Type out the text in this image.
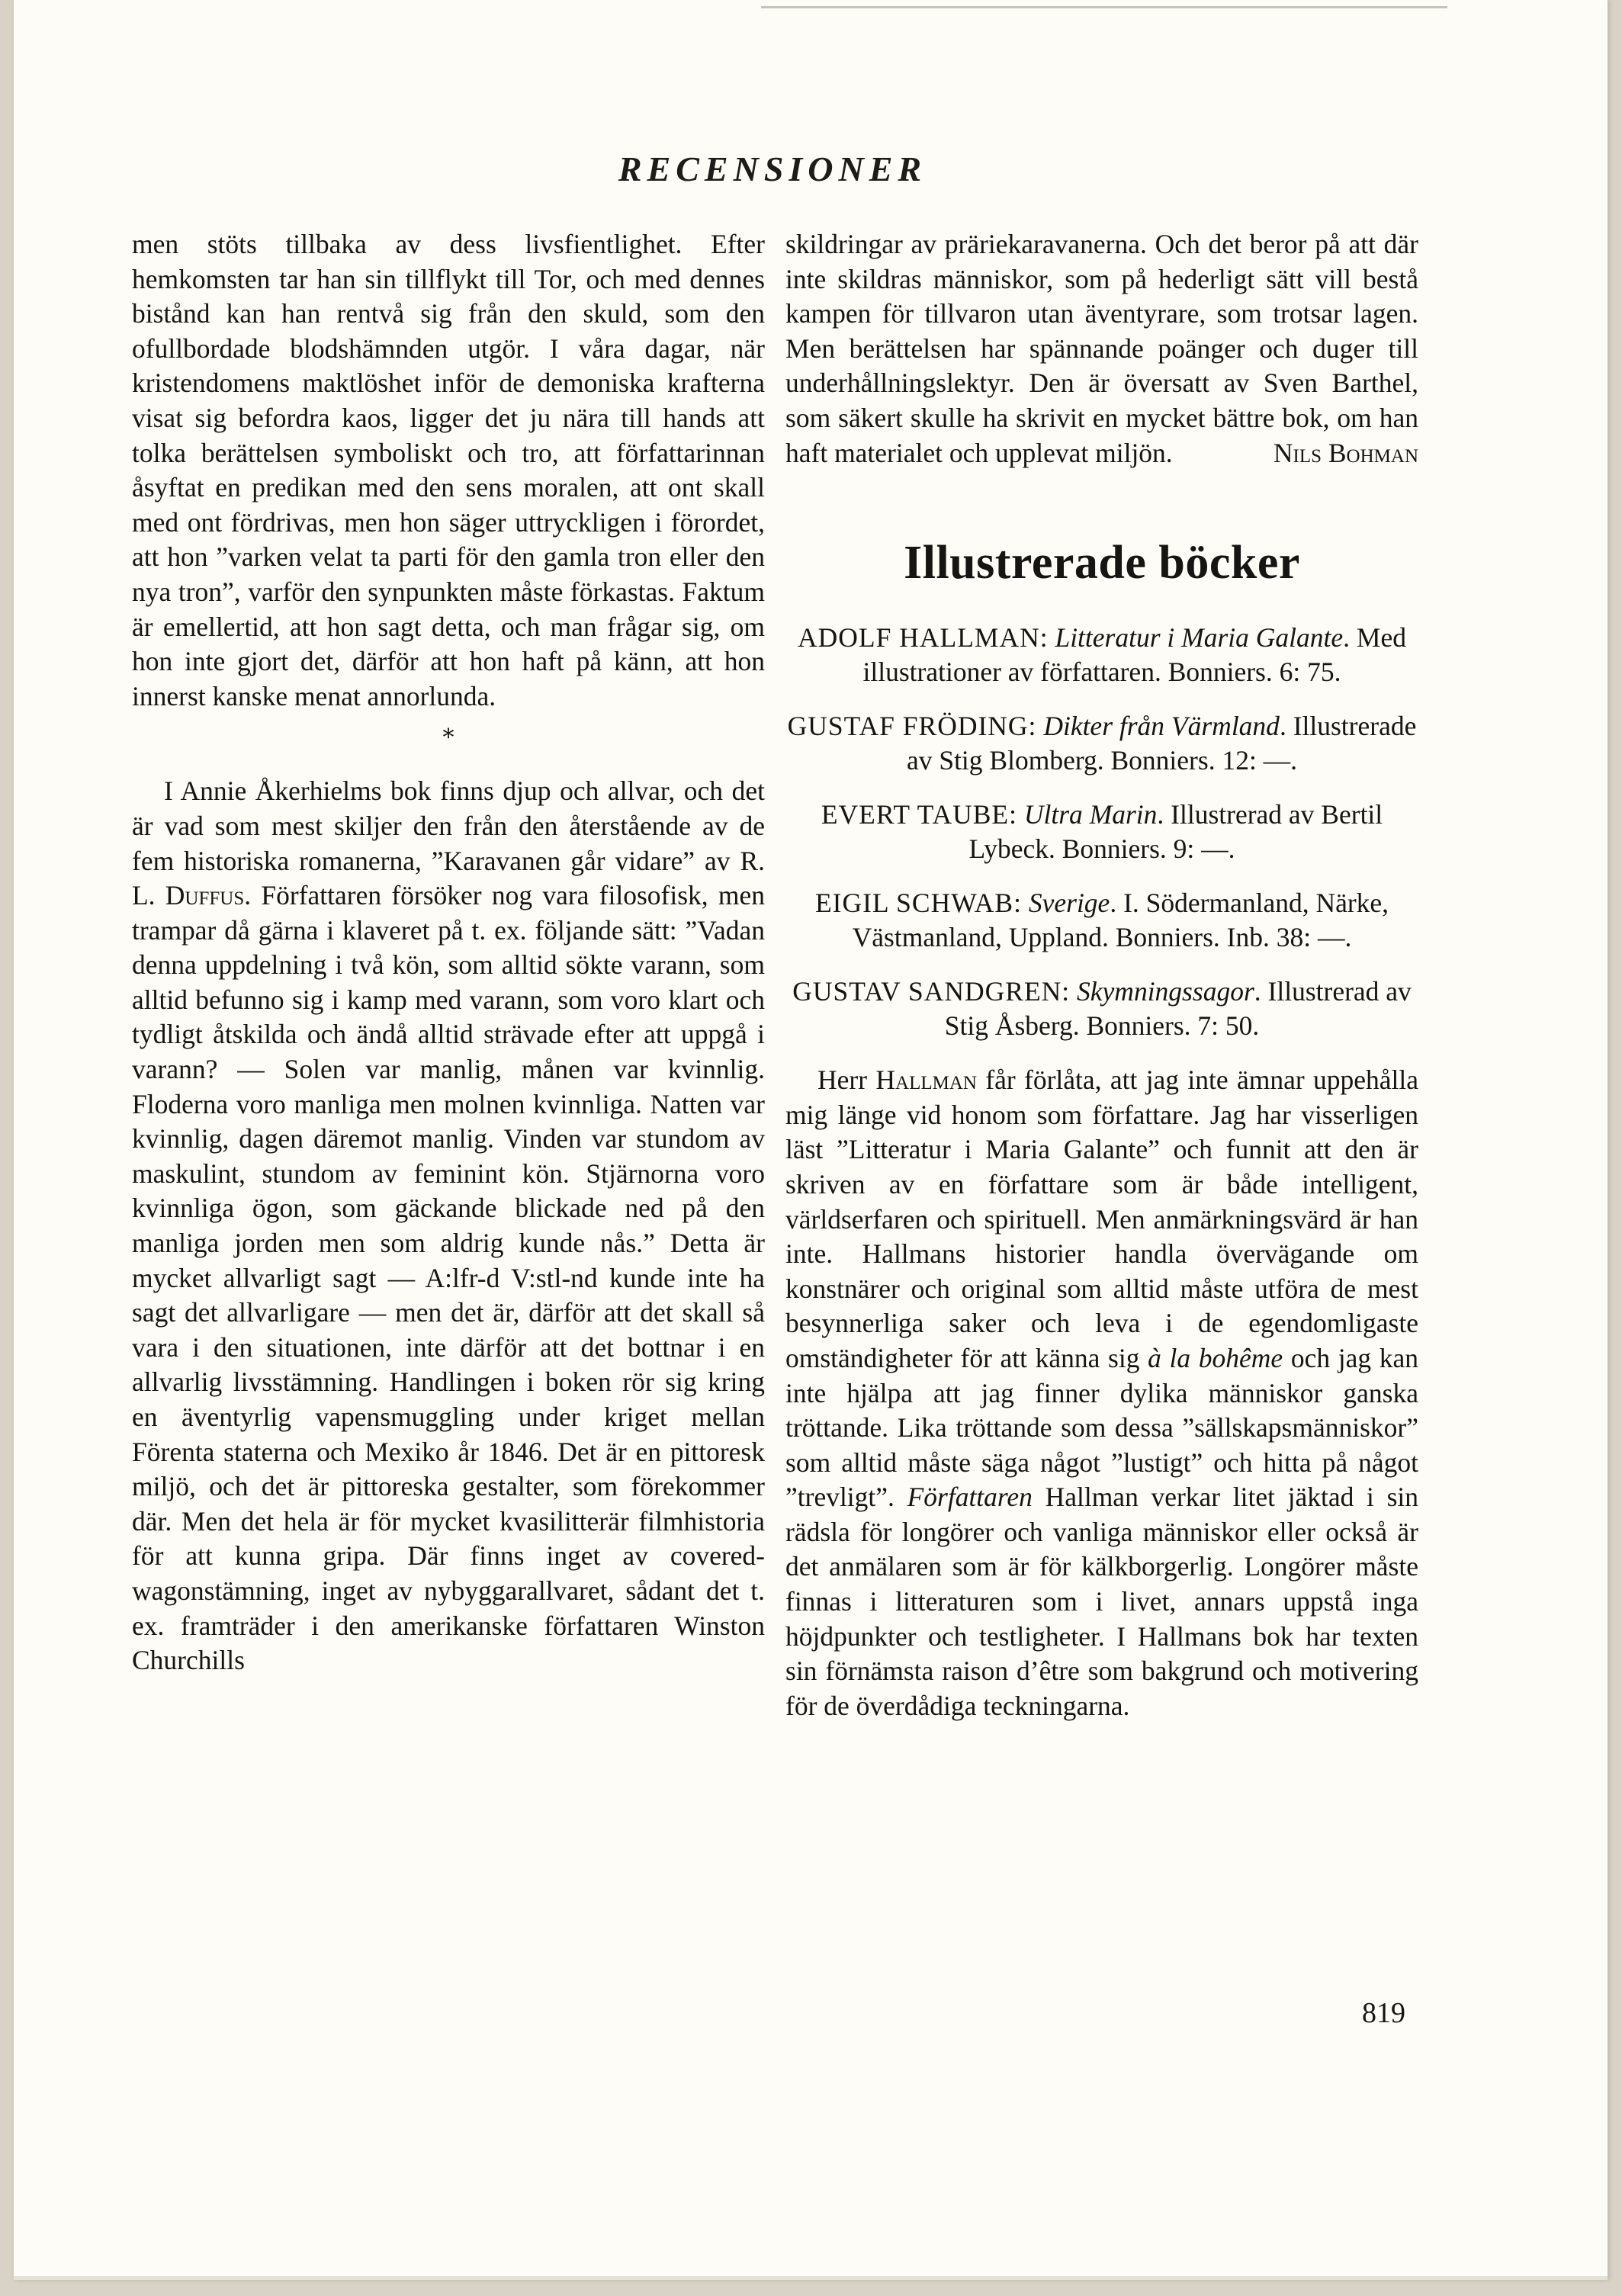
RECENSIONER

men stöts tillbaka av dess livsfientlighet. Efter hemkomsten tar han sin tillflykt till Tor, och med dennes bistånd kan han rentvå sig från den skuld, som den ofullbordade blodshämnden utgör. I våra dagar, när kristendomens maktlöshet inför de demoniska krafterna visat sig befordra kaos, ligger det ju nära till hands att tolka berättelsen symboliskt och tro, att författarinnan åsyftat en predikan med den sens moralen, att ont skall med ont fördrivas, men hon säger uttryckligen i förordet, att hon ”varken velat ta parti för den gamla tron eller den nya tron”, varför den synpunkten måste förkastas. Faktum är emellertid, att hon sagt detta, och man frågar sig, om hon inte gjort det, därför att hon haft på känn, att hon innerst kanske menat annorlunda.

*

I Annie Åkerhielms bok finns djup och allvar, och det är vad som mest skiljer den från den återstående av de fem historiska romanerna, ”Karavanen går vidare” av R. L. Duffus. Författaren försöker nog vara filosofisk, men trampar då gärna i klaveret på t. ex. följande sätt: ”Vadan denna uppdelning i två kön, som alltid sökte varann, som alltid befunno sig i kamp med varann, som voro klart och tydligt åtskilda och ändå alltid strävade efter att uppgå i varann? — Solen var manlig, månen var kvinnlig. Floderna voro manliga men molnen kvinnliga. Natten var kvinnlig, dagen däremot manlig. Vinden var stundom av maskulint, stundom av feminint kön. Stjärnorna voro kvinnliga ögon, som gäckande blickade ned på den manliga jorden men som aldrig kunde nås.” Detta är mycket allvarligt sagt — A:lfr-d V:stl-nd kunde inte ha sagt det allvarligare — men det är, därför att det skall så vara i den situationen, inte därför att det bottnar i en allvarlig livsstämning. Handlingen i boken rör sig kring en äventyrlig vapensmuggling under kriget mellan Förenta staterna och Mexiko år 1846. Det är en pittoresk miljö, och det är pittoreska gestalter, som förekommer där. Men det hela är för mycket kvasilitterär filmhistoria för att kunna gripa. Där finns inget av covered-wagonstämning, inget av nybyggarallvaret, sådant det t. ex. framträder i den amerikanske författaren Winston Churchills

skildringar av präriekaravanerna. Och det beror på att där inte skildras människor, som på hederligt sätt vill bestå kampen för tillvaron utan äventyrare, som trotsar lagen. Men berättelsen har spännande poänger och duger till underhållningslektyr. Den är översatt av Sven Barthel, som säkert skulle ha skrivit en mycket bättre bok, om han haft materialet och upplevat miljön.	Nils Bohman

Illustrerade böcker

ADOLF HALLMAN: Litteratur i Maria Galante. Med illustrationer av författaren. Bonniers. 6: 75.

GUSTAF FRÖDING: Dikter från Värmland. Illustrerade av Stig Blomberg. Bonniers. 12: —.

EVERT TAUBE: Ultra Marin. Illustrerad av Bertil Lybeck. Bonniers. 9: —.

EIGIL SCHWAB: Sverige. I. Södermanland, Närke, Västmanland, Uppland. Bonniers. Inb. 38: —.

GUSTAV SANDGREN: Skymningssagor. Illustrerad av Stig Åsberg. Bonniers. 7: 50.

Herr Hallman får förlåta, att jag inte ämnar uppehålla mig länge vid honom som författare. Jag har visserligen läst ”Litteratur i Maria Galante” och funnit att den är skriven av en författare som är både intelligent, världserfaren och spirituell. Men anmärkningsvärd är han inte. Hallmans historier handla övervägande om konstnärer och original som alltid måste utföra de mest besynnerliga saker och leva i de egendomligaste omständigheter för att känna sig à la bohême och jag kan inte hjälpa att jag finner dylika människor ganska tröttande. Lika tröttande som dessa ”sällskapsmänniskor” som alltid måste säga något ”lustigt” och hitta på något ”trevligt”. Författaren Hallman verkar litet jäktad i sin rädsla för longörer och vanliga människor eller också är det anmälaren som är för kälkborgerlig. Longörer måste finnas i litteraturen som i livet, annars uppstå inga höjdpunkter och testligheter. I Hallmans bok har texten sin förnämsta raison d’être som bakgrund och motivering för de överdådiga teckningarna.

819
